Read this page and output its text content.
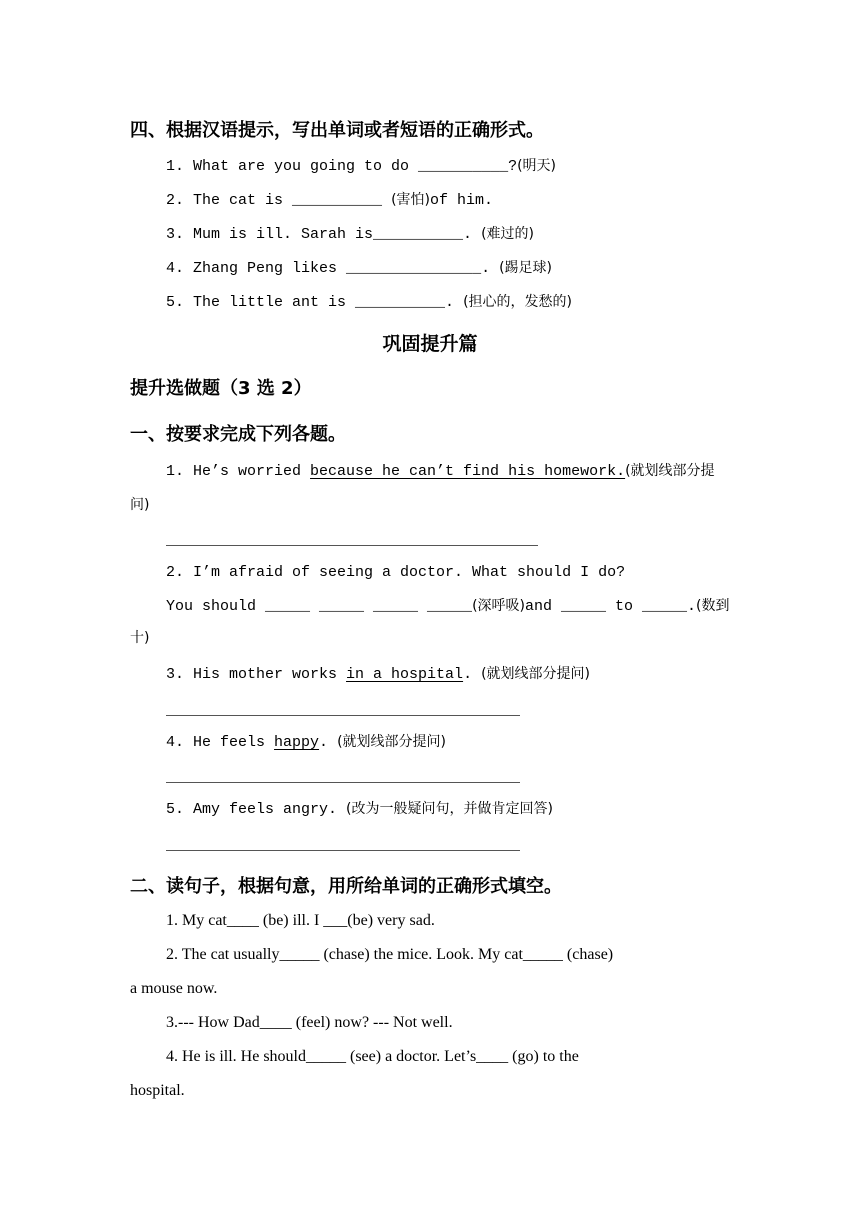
四、根据汉语提示，写出单词或者短语的正确形式。
1. What are you going to do __________?(明天)
2. The cat is __________ (害怕)of him.
3. Mum is ill. Sarah is__________. (难过的)
4. Zhang Peng likes _______________. (踢足球)
5. The little ant is __________. (担心的，发愁的)
巩固提升篇
提升选做题（3 选 2）
一、按要求完成下列各题。
1. He’s worried because he can’t find his homework.(就划线部分提
问)
2. I’m afraid of seeing a doctor. What should I do?
You should _____ _____ _____ _____(深呼吸)and _____ to _____.(数到
十)
3. His mother works in a hospital. (就划线部分提问)
4. He feels happy. (就划线部分提问)
5. Amy feels angry. (改为一般疑问句，并做肯定回答)
二、读句子，根据句意，用所给单词的正确形式填空。
1. My cat____ (be) ill. I ___(be) very sad.
2. The cat usually_____ (chase) the mice. Look. My cat_____ (chase)
a mouse now.
3.--- How Dad____ (feel) now? --- Not well.
4. He is ill. He should_____ (see) a doctor. Let’s____ (go) to the
hospital.
